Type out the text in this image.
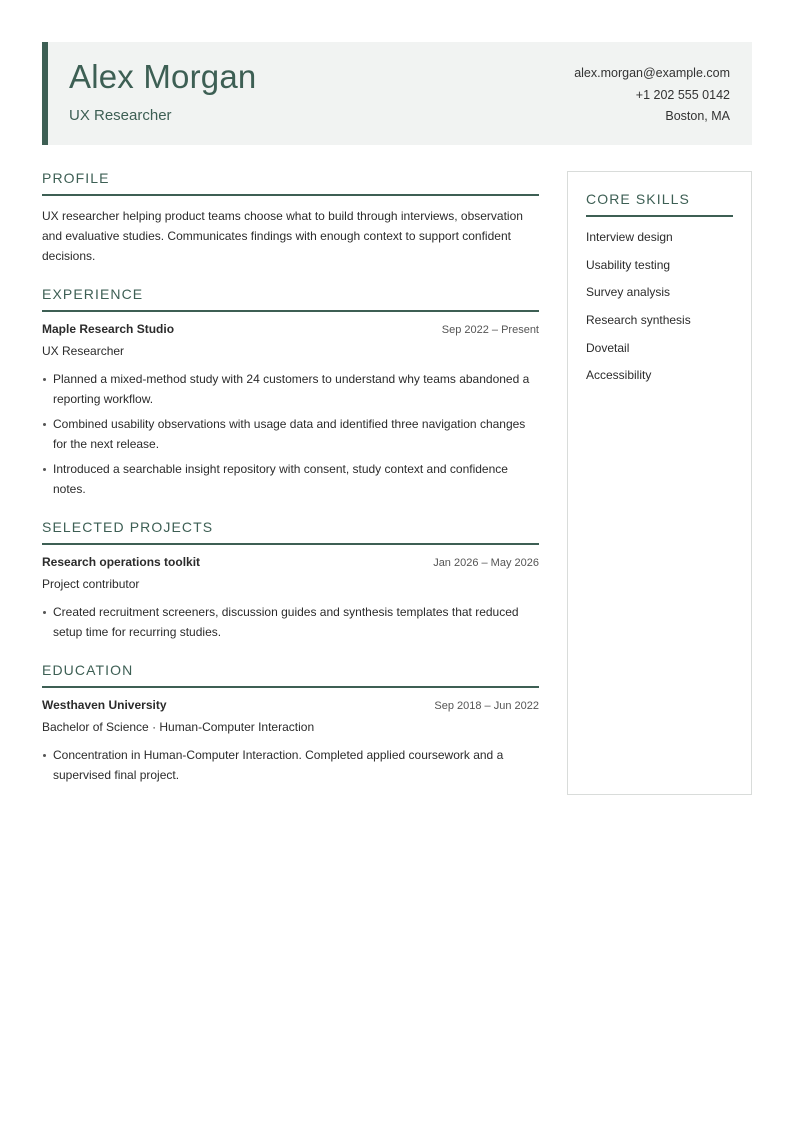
Alex Morgan
UX Researcher
alex.morgan@example.com
+1 202 555 0142
Boston, MA
PROFILE

UX researcher helping product teams choose what to build through interviews, observation and evaluative studies. Communicates findings with enough context to support confident decisions.

EXPERIENCE
Maple Research Studio	Sep 2022 – Present
UX Researcher
Planned a mixed-method study with 24 customers to understand why teams abandoned a reporting workflow.
Combined usability observations with usage data and identified three navigation changes for the next release.
Introduced a searchable insight repository with consent, study context and confidence notes.
SELECTED PROJECTS
Research operations toolkit	Jan 2026 – May 2026
Project contributor
Created recruitment screeners, discussion guides and synthesis templates that reduced setup time for recurring studies.
EDUCATION
Westhaven University	Sep 2018 – Jun 2022
Bachelor of Science · Human-Computer Interaction
Concentration in Human-Computer Interaction. Completed applied coursework and a supervised final project.
CORE SKILLS
Interview design
Usability testing
Survey analysis
Research synthesis
Dovetail
Accessibility
